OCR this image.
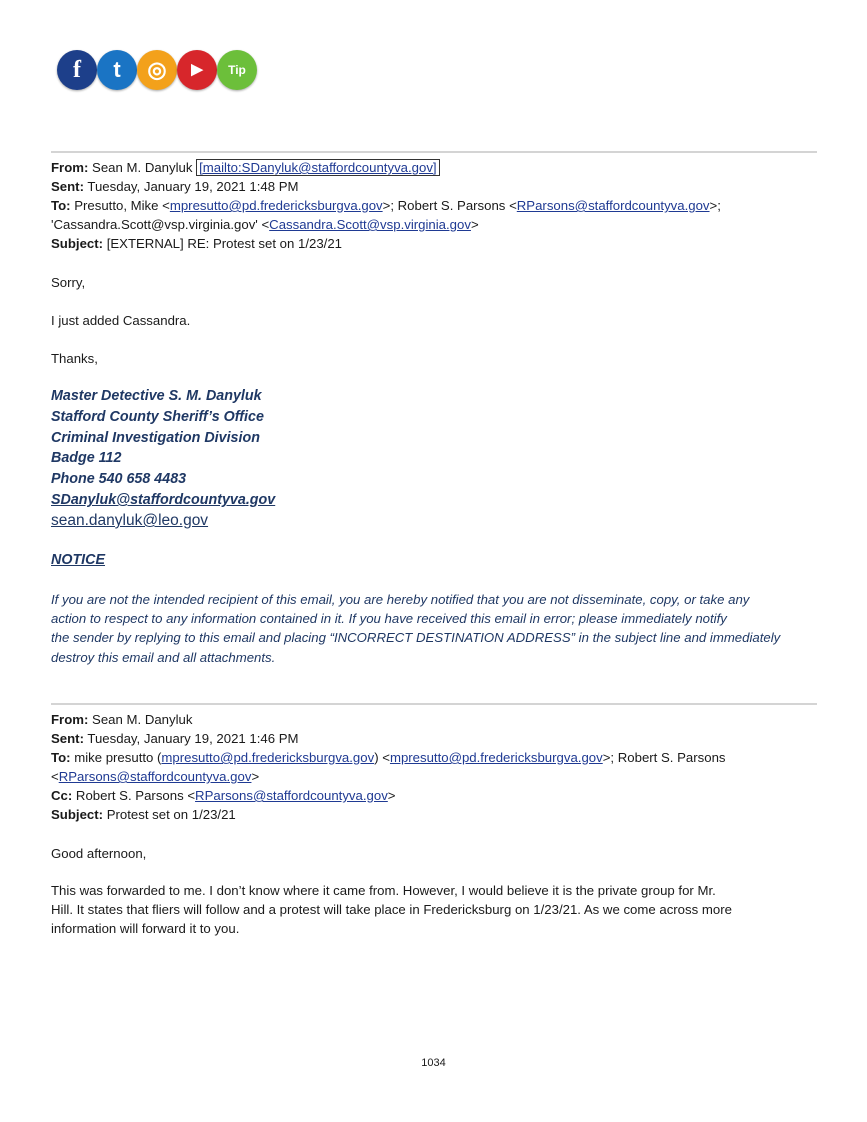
f	t	◎	▶	Tip
From: Sean M. Danyluk [mailto:SDanyluk@staffordcountyva.gov]
Sent: Tuesday, January 19, 2021 1:48 PM
To: Presutto, Mike <mpresutto@pd.fredericksburgva.gov>; Robert S. Parsons <RParsons@staffordcountyva.gov>;
'Cassandra.Scott@vsp.virginia.gov' <Cassandra.Scott@vsp.virginia.gov>
Subject: [EXTERNAL] RE: Protest set on 1/23/21
Sorry,
I just added Cassandra.
Thanks,
Master Detective S. M. Danyluk
Stafford County Sheriff’s Office
Criminal Investigation Division
Badge 112
Phone 540 658 4483
SDanyluk@staffordcountyva.gov
sean.danyluk@leo.gov
NOTICE
If you are not the intended recipient of this email, you are hereby notified that you are not disseminate, copy, or take any
action to respect to any information contained in it. If you have received this email in error; please immediately notify
the sender by replying to this email and placing “INCORRECT DESTINATION ADDRESS” in the subject line and immediately
destroy this email and all attachments.
From: Sean M. Danyluk
Sent: Tuesday, January 19, 2021 1:46 PM
To: mike presutto (mpresutto@pd.fredericksburgva.gov) <mpresutto@pd.fredericksburgva.gov>; Robert S. Parsons
<RParsons@staffordcountyva.gov>
Cc: Robert S. Parsons <RParsons@staffordcountyva.gov>
Subject: Protest set on 1/23/21
Good afternoon,
This was forwarded to me. I don’t know where it came from. However, I would believe it is the private group for Mr.
Hill. It states that fliers will follow and a protest will take place in Fredericksburg on 1/23/21. As we come across more
information will forward it to you.
1034
